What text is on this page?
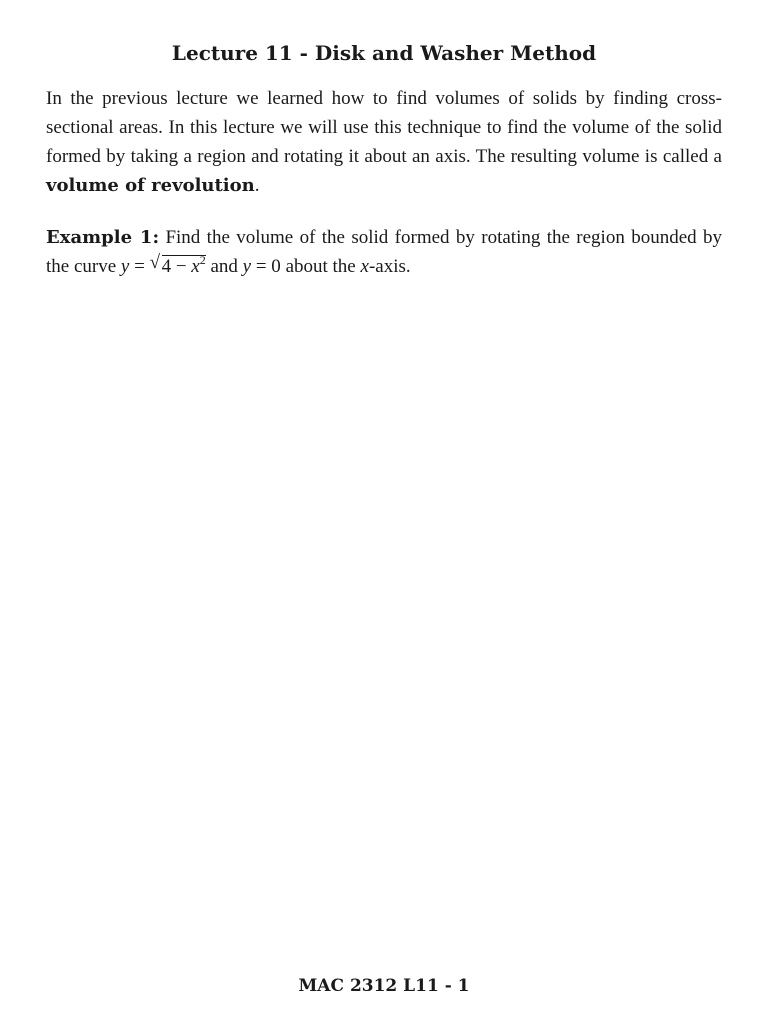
Lecture 11 - Disk and Washer Method

In the previous lecture we learned how to find volumes of solids by finding cross-sectional areas. In this lecture we will use this technique to find the volume of the solid formed by taking a region and rotating it about an axis. The resulting volume is called a volume of revolution.

Example 1: Find the volume of the solid formed by rotating the region bounded by the curve y = √ $4 - x^2$ and y = 0 about the x-axis.

MAC 2312 L11 - 1
